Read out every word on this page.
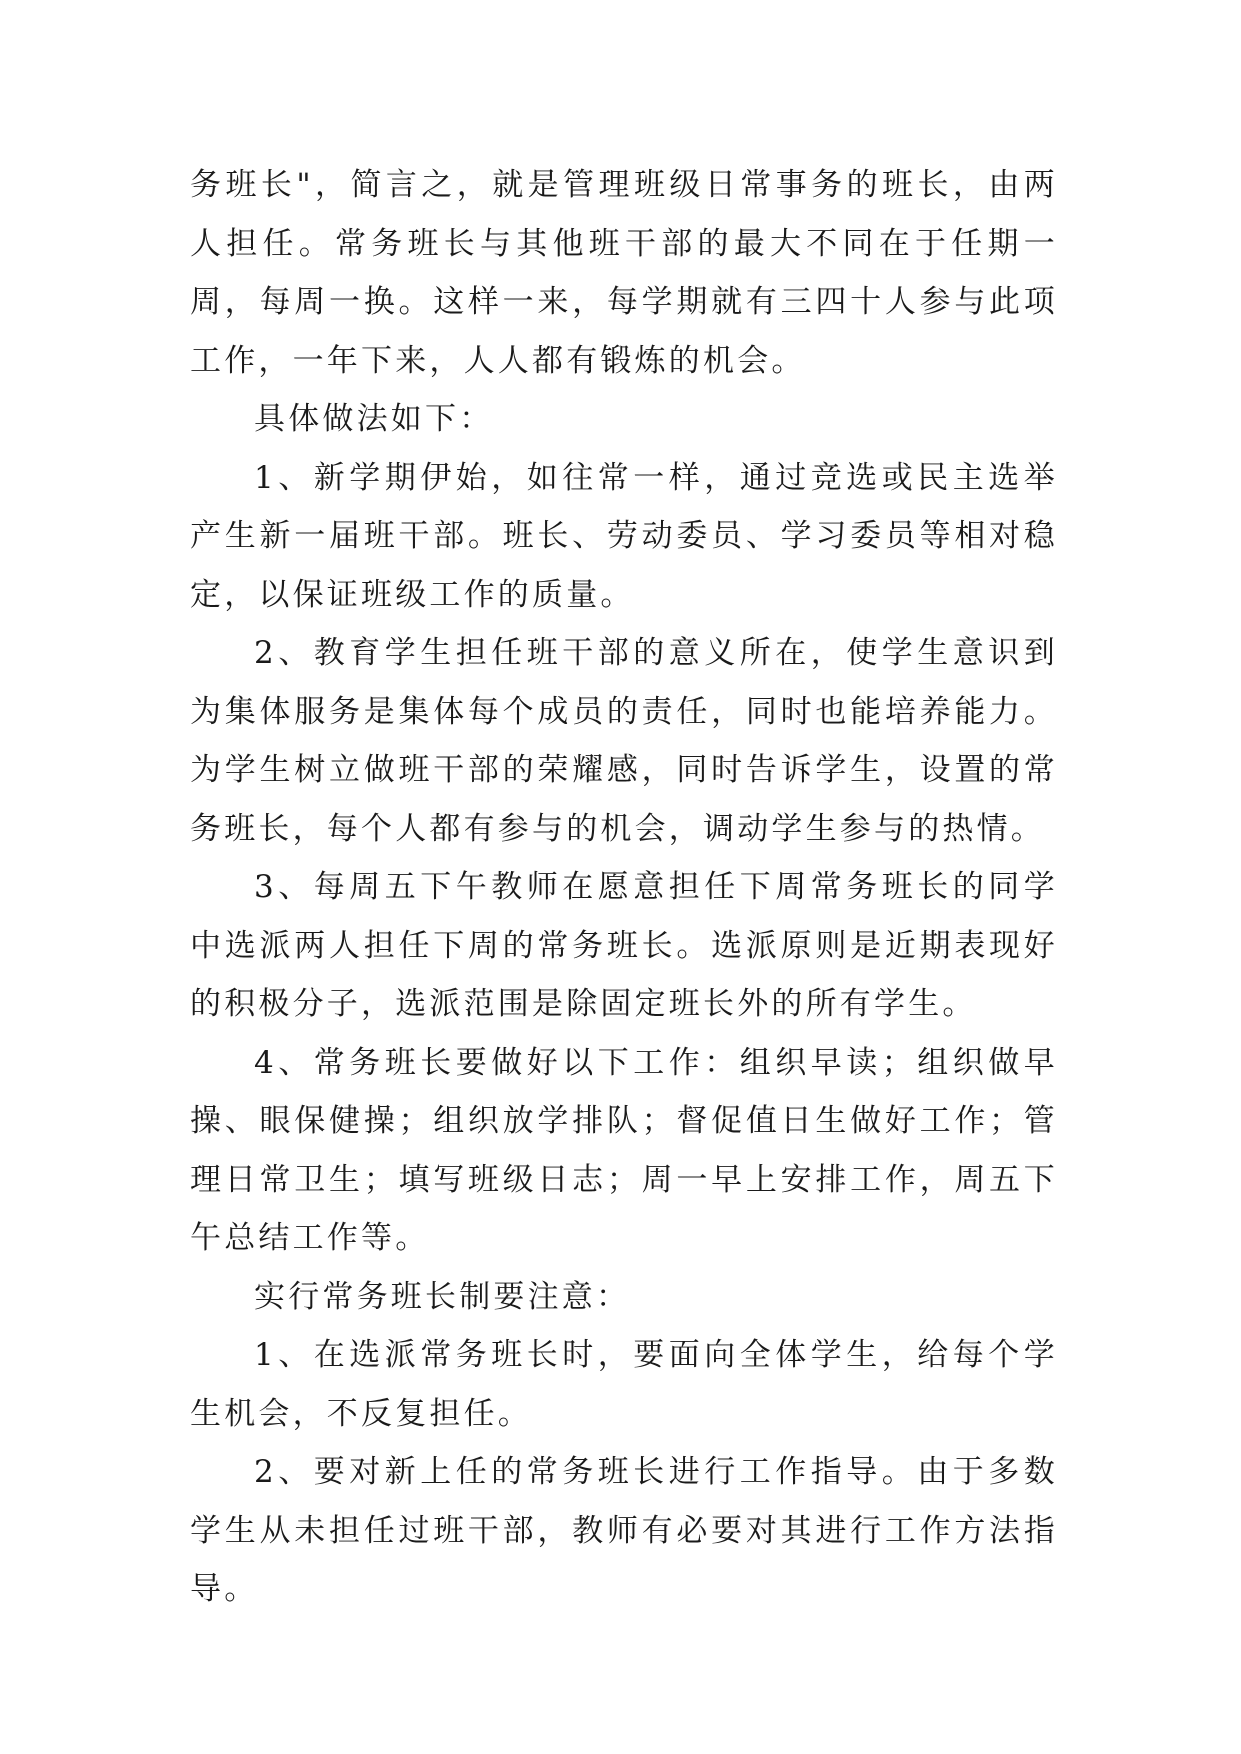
务班长"，简言之，就是管理班级日常事务的班长，由两人担任。常务班长与其他班干部的最大不同在于任期一周，每周一换。这样一来，每学期就有三四十人参与此项工作，一年下来，人人都有锻炼的机会。

具体做法如下：

1、新学期伊始，如往常一样，通过竞选或民主选举产生新一届班干部。班长、劳动委员、学习委员等相对稳定，以保证班级工作的质量。

2、教育学生担任班干部的意义所在，使学生意识到为集体服务是集体每个成员的责任，同时也能培养能力。为学生树立做班干部的荣耀感，同时告诉学生，设置的常务班长，每个人都有参与的机会，调动学生参与的热情。

3、每周五下午教师在愿意担任下周常务班长的同学中选派两人担任下周的常务班长。选派原则是近期表现好的积极分子，选派范围是除固定班长外的所有学生。

4、常务班长要做好以下工作：组织早读；组织做早操、眼保健操；组织放学排队；督促值日生做好工作；管理日常卫生；填写班级日志；周一早上安排工作，周五下午总结工作等。

实行常务班长制要注意：

1、在选派常务班长时，要面向全体学生，给每个学生机会，不反复担任。

2、要对新上任的常务班长进行工作指导。由于多数学生从未担任过班干部，教师有必要对其进行工作方法指导。
